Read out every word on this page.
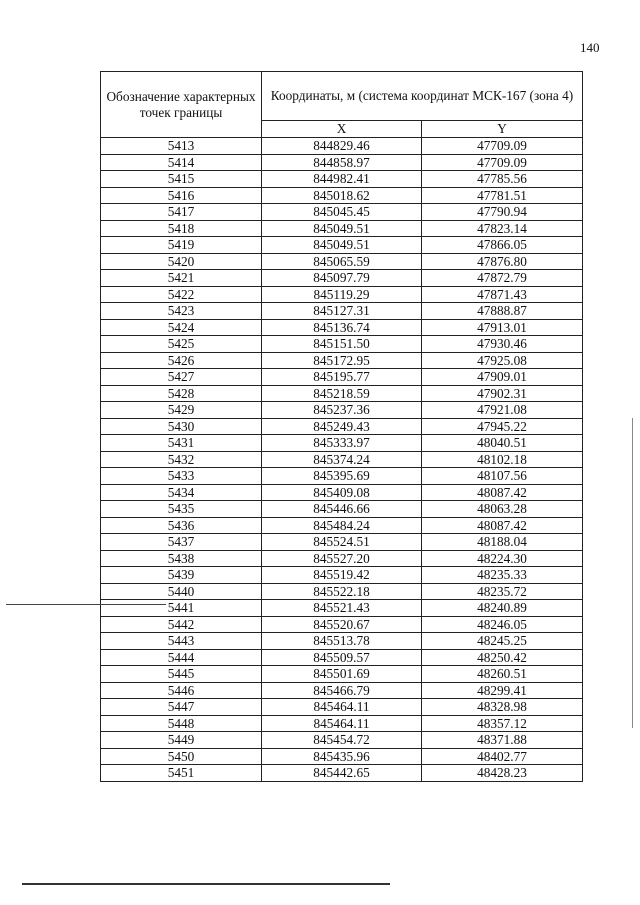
140
Обозначение характерных точек границы	Координаты, м (система координат МСК-167 (зона 4)	
	X	Y
5413	844829.46	47709.09
5414	844858.97	47709.09
5415	844982.41	47785.56
5416	845018.62	47781.51
5417	845045.45	47790.94
5418	845049.51	47823.14
5419	845049.51	47866.05
5420	845065.59	47876.80
5421	845097.79	47872.79
5422	845119.29	47871.43
5423	845127.31	47888.87
5424	845136.74	47913.01
5425	845151.50	47930.46
5426	845172.95	47925.08
5427	845195.77	47909.01
5428	845218.59	47902.31
5429	845237.36	47921.08
5430	845249.43	47945.22
5431	845333.97	48040.51
5432	845374.24	48102.18
5433	845395.69	48107.56
5434	845409.08	48087.42
5435	845446.66	48063.28
5436	845484.24	48087.42
5437	845524.51	48188.04
5438	845527.20	48224.30
5439	845519.42	48235.33
5440	845522.18	48235.72
5441	845521.43	48240.89
5442	845520.67	48246.05
5443	845513.78	48245.25
5444	845509.57	48250.42
5445	845501.69	48260.51
5446	845466.79	48299.41
5447	845464.11	48328.98
5448	845464.11	48357.12
5449	845454.72	48371.88
5450	845435.96	48402.77
5451	845442.65	48428.23
